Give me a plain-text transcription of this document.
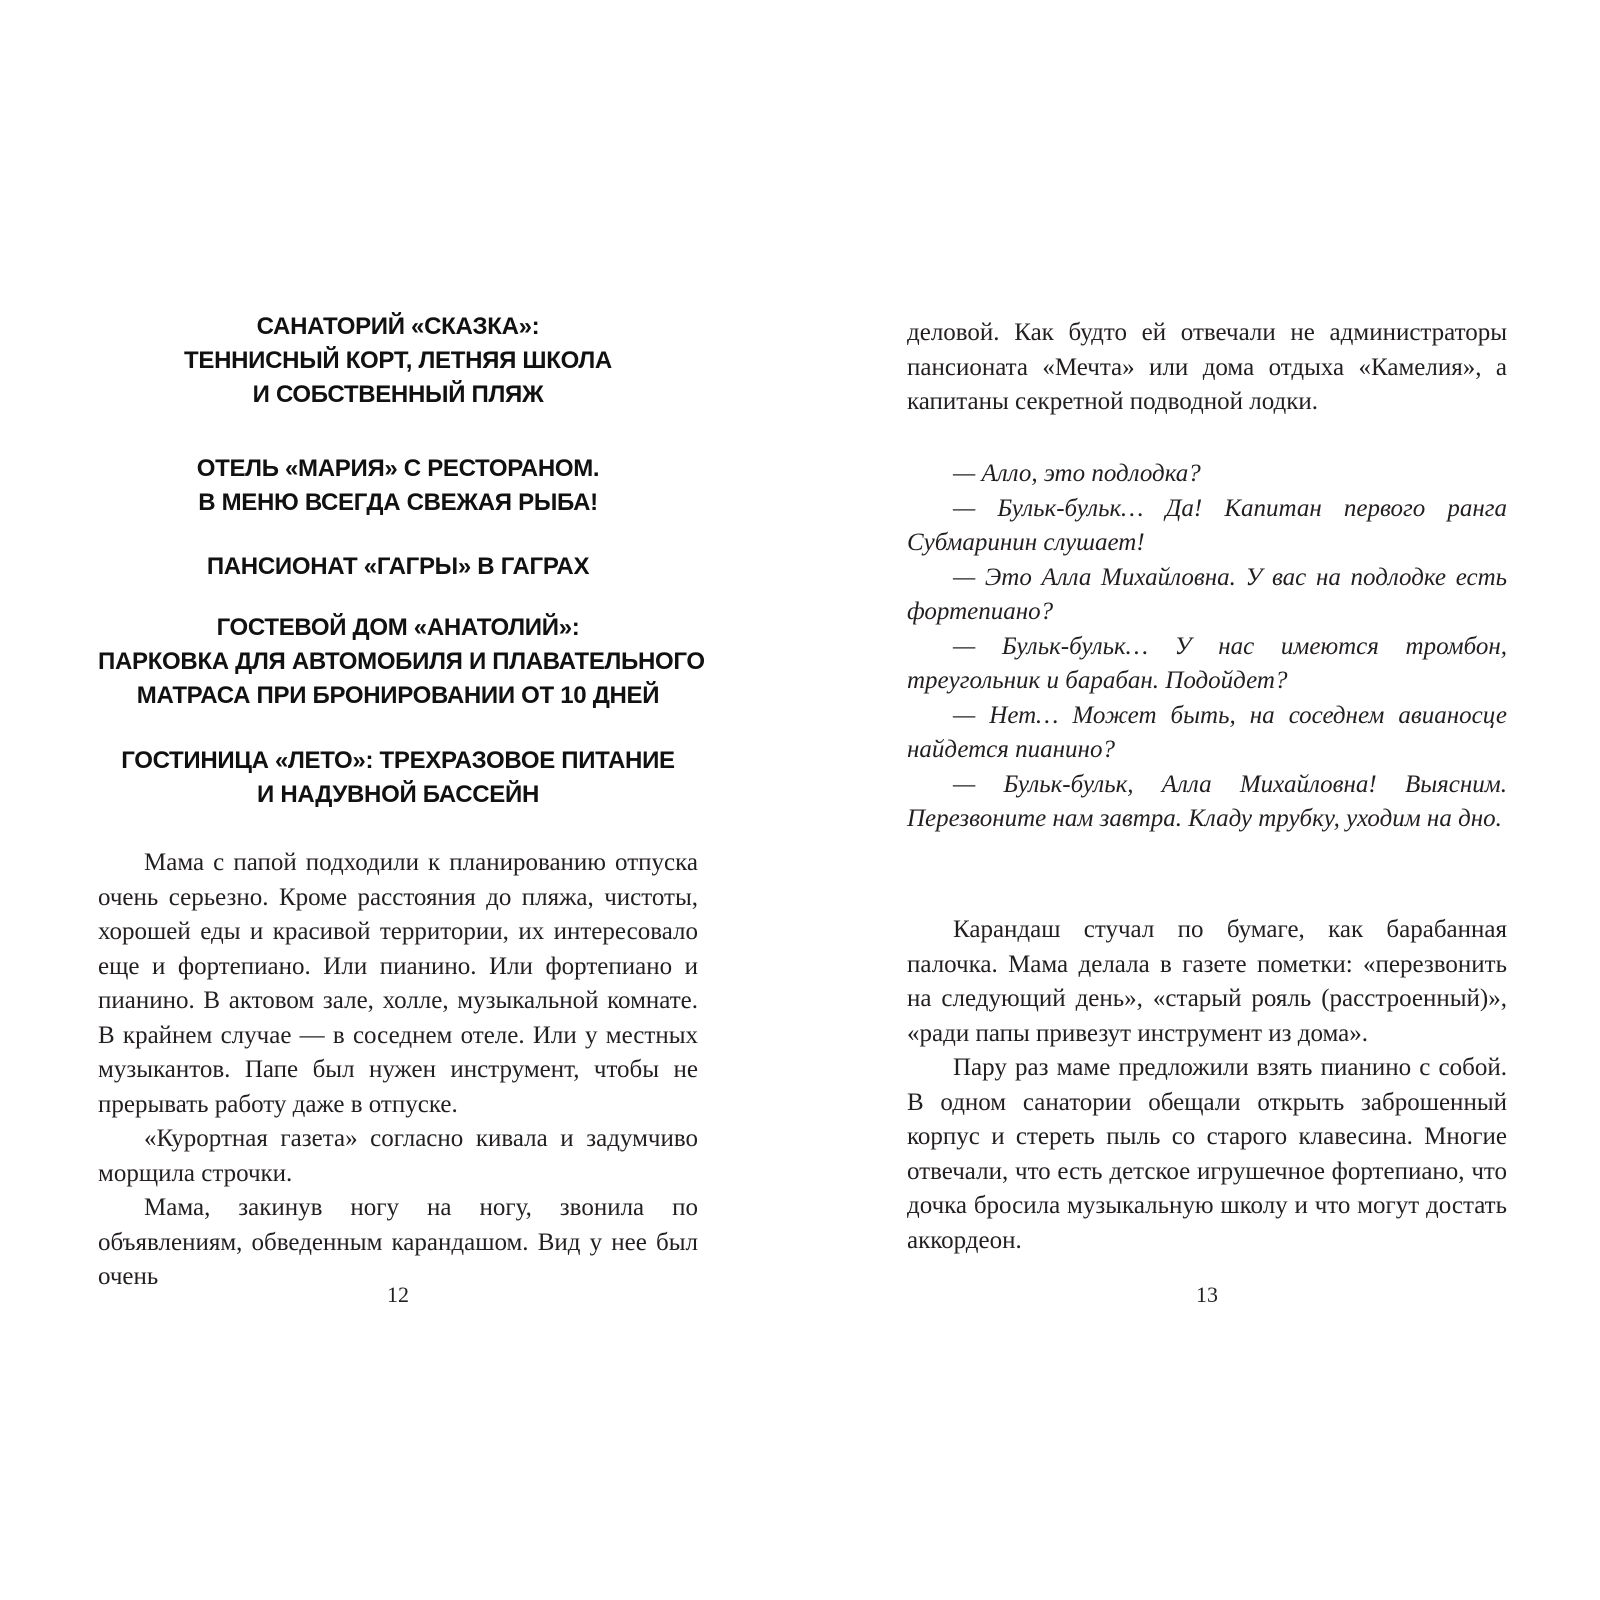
САНАТОРИЙ «СКАЗКА»:
ТЕННИСНЫЙ КОРТ, ЛЕТНЯЯ ШКОЛА
И СОБСТВЕННЫЙ ПЛЯЖ
ОТЕЛЬ «МАРИЯ» С РЕСТОРАНОМ.
В МЕНЮ ВСЕГДА СВЕЖАЯ РЫБА!
ПАНСИОНАТ «ГАГРЫ» В ГАГРАХ
ГОСТЕВОЙ ДОМ «АНАТОЛИЙ»:
ПАРКОВКА ДЛЯ АВТОМОБИЛЯ И ПЛАВАТЕЛЬНОГО
МАТРАСА ПРИ БРОНИРОВАНИИ ОТ 10 ДНЕЙ
ГОСТИНИЦА «ЛЕТО»: ТРЕХРАЗОВОЕ ПИТАНИЕ
И НАДУВНОЙ БАССЕЙН

Мама с папой подходили к планированию отпуска очень серьезно. Кроме расстояния до пляжа, чистоты, хорошей еды и красивой территории, их интересовало еще и фортепиано. Или пианино. Или фортепиано и пианино. В актовом зале, холле, музыкальной комнате. В крайнем случае — в соседнем отеле. Или у местных музыкантов. Папе был нужен инструмент, чтобы не прерывать работу даже в отпуске.

«Курортная газета» согласно кивала и задумчиво морщила строчки.

Мама, закинув ногу на ногу, звонила по объявлениям, обведенным карандашом. Вид у нее был очень

12

деловой. Как будто ей отвечали не администраторы пансионата «Мечта» или дома отдыха «Камелия», а капитаны секретной подводной лодки.

— Алло, это подлодка?

— Бульк-бульк… Да! Капитан первого ранга Субмаринин слушает!

— Это Алла Михайловна. У вас на подлодке есть фортепиано?

— Бульк-бульк… У нас имеются тромбон, треугольник и барабан. Подойдет?

— Нет… Может быть, на соседнем авианосце найдется пианино?

— Бульк-бульк, Алла Михайловна! Выясним. Перезвоните нам завтра. Кладу трубку, уходим на дно.

Карандаш стучал по бумаге, как барабанная палочка. Мама делала в газете пометки: «перезвонить на следующий день», «старый рояль (расстроенный)», «ради папы привезут инструмент из дома».

Пару раз маме предложили взять пианино с собой. В одном санатории обещали открыть заброшенный корпус и стереть пыль со старого клавесина. Многие отвечали, что есть детское игрушечное фортепиано, что дочка бросила музыкальную школу и что могут достать аккордеон.

13
